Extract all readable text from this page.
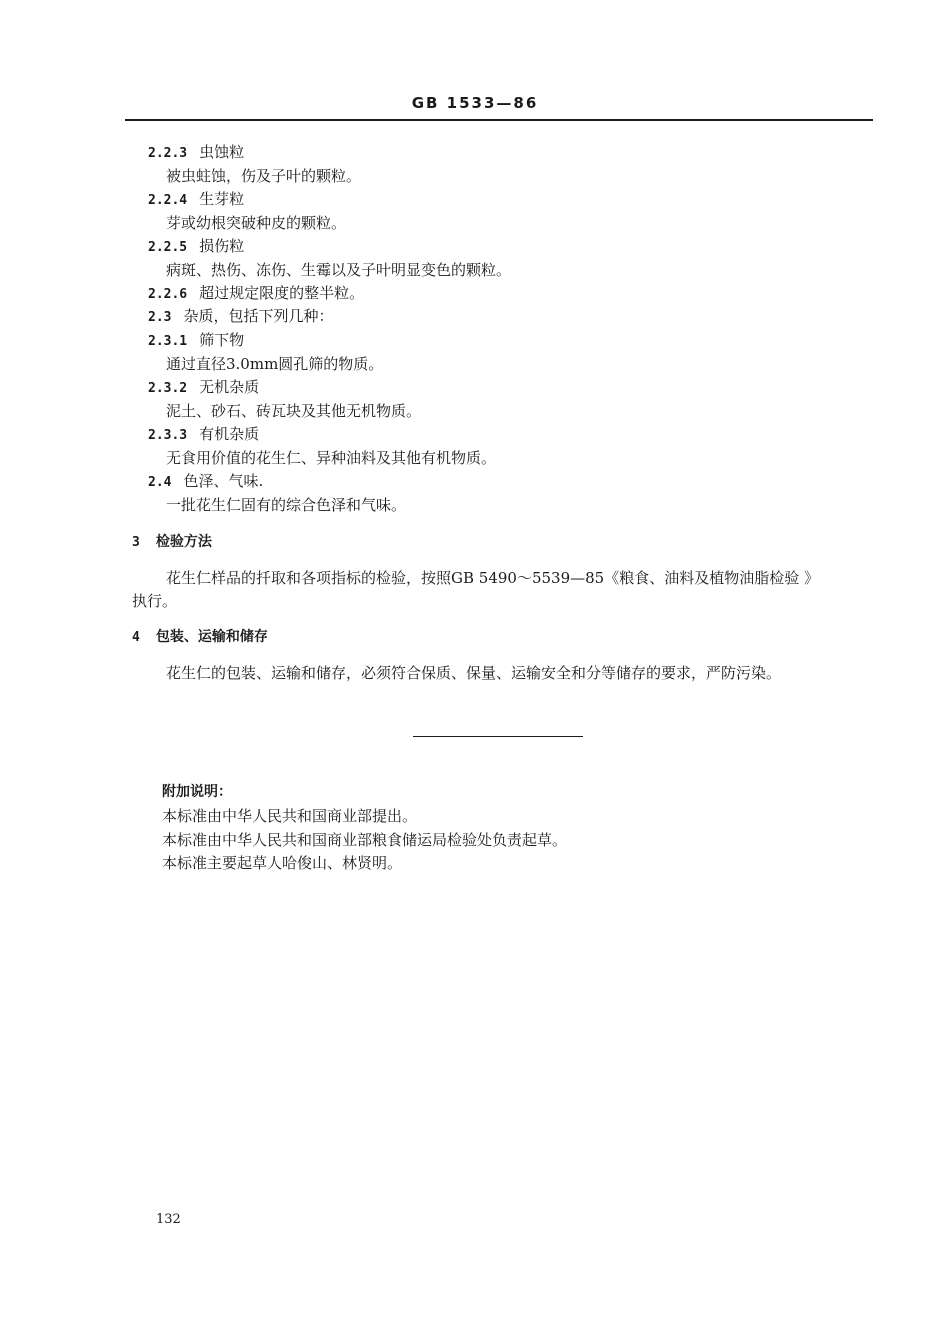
GB 1533—86
2.2.3 虫蚀粒
被虫蛀蚀，伤及子叶的颗粒。
2.2.4 生芽粒
芽或幼根突破种皮的颗粒。
2.2.5 损伤粒
病斑、热伤、冻伤、生霉以及子叶明显变色的颗粒。
2.2.6 超过规定限度的整半粒。
2.3 杂质，包括下列几种：
2.3.1 筛下物
通过直径3.0mm圆孔筛的物质。
2.3.2 无机杂质
泥土、砂石、砖瓦块及其他无机物质。
2.3.3 有机杂质
无食用价值的花生仁、异种油料及其他有机物质。
2.4 色泽、气味.
一批花生仁固有的综合色泽和气味。
3 检验方法
花生仁样品的扦取和各项指标的检验，按照GB 5490～5539—85《粮食、油料及植物油脂检验 》
执行。
4 包装、运输和储存
花生仁的包装、运输和储存，必须符合保质、保量、运输安全和分等储存的要求，严防污染。
附加说明：
本标准由中华人民共和国商业部提出。
本标准由中华人民共和国商业部粮食储运局检验处负责起草。
本标准主要起草人哈俊山、林贤明。
132
